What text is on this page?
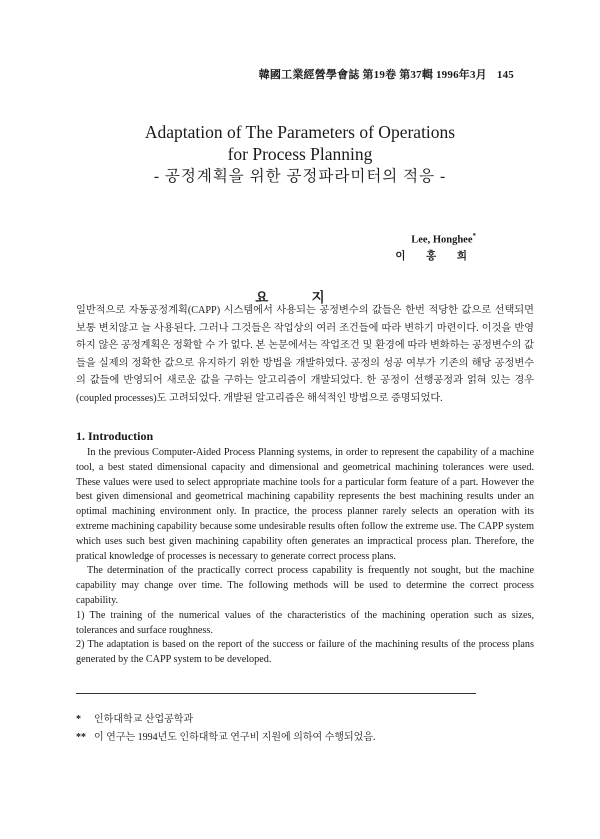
韓國工業經營學會誌 第19卷 第37輯 1996年3月 145
Adaptation of The Parameters of Operations
for Process Planning
- 공정계획을 위한 공정파라미터의 적응 -
Lee, Honghee*
이 홍 희
요 지
일반적으로 자동공정계획(CAPP) 시스템에서 사용되는 공정변수의 값들은 한번 적당한 값으로 선택되면 보통 변치않고 늘 사용된다. 그러나 그것들은 작업상의 여러 조건들에 따라 변하기 마련이다. 이것을 반영하지 않은 공정계획은 정확할 수 가 없다. 본 논문에서는 작업조건 및 환경에 따라 변화하는 공정변수의 값들을 실제의 정확한 값으로 유지하기 위한 방법을 개발하였다. 공정의 성공 여부가 기존의 해당 공정변수의 값들에 반영되어 새로운 값을 구하는 알고리즘이 개발되었다. 한 공정이 선행공정과 얽혀 있는 경우(coupled processes)도 고려되었다. 개발된 알고리즘은 해석적인 방법으로 증명되었다.
1. Introduction

In the previous Computer-Aided Process Planning systems, in order to represent the capability of a machine tool, a best stated dimensional capacity and dimensional and geometrical machining tolerances were used. These values were used to select appropriate machine tools for a particular form feature of a part. However the best given dimensional and geometrical machining capability represents the best machining results under an optimal machining environment only. In practice, the process planner rarely selects an operation with its extreme machining capability because some undesirable results often follow the extreme use. The CAPP system which uses such best given machining capability often generates an impractical process plan. Therefore, the pratical knowledge of processes is necessary to generate correct process plans.

The determination of the practically correct process capability is frequently not sought, but the machine capability may change over time. The following methods will be used to determine the correct process capability.

1) The training of the numerical values of the characteristics of the machining operation such as sizes, tolerances and surface roughness.

2) The adaptation is based on the report of the success or failure of the machining results of the process plans generated by the CAPP system to be developed.

* 인하대학교 산업공학과
** 이 연구는 1994년도 인하대학교 연구비 지원에 의하여 수행되었음.
